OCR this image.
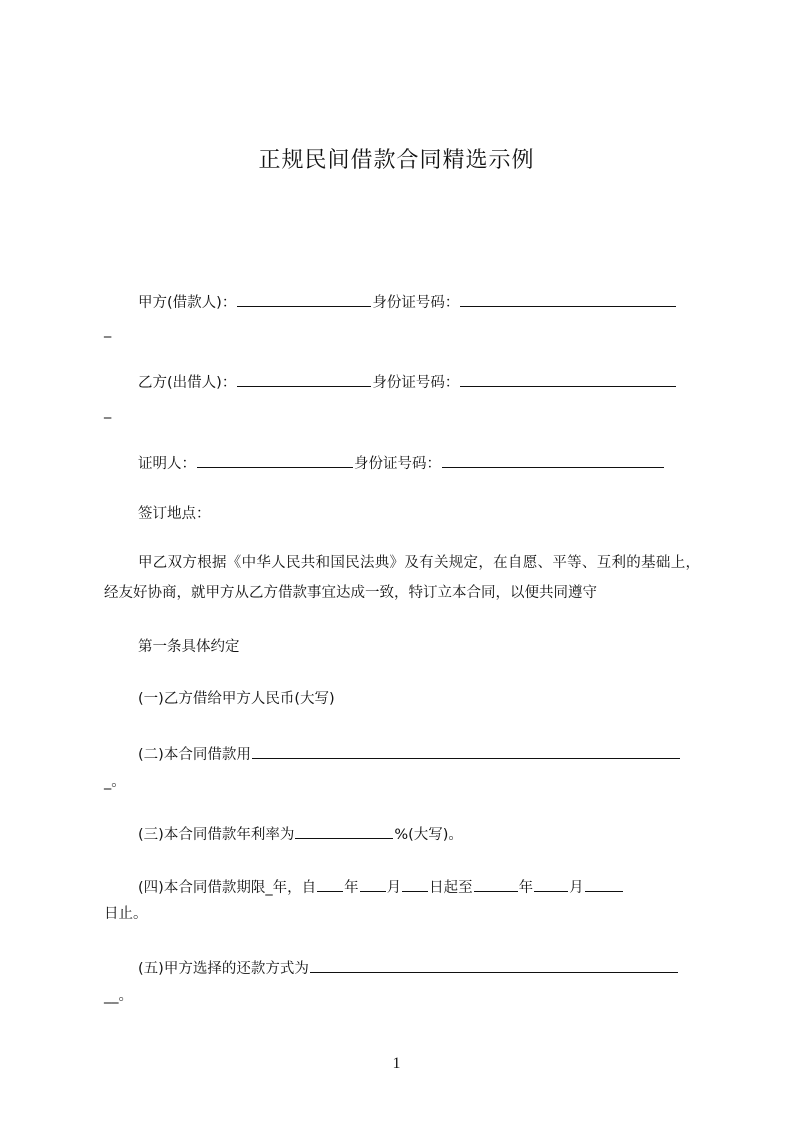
正规民间借款合同精选示例
甲方(借款人)：	身份证号码：
_
乙方(出借人)：	身份证号码：
_
证明人：	身份证号码：
签订地点：
甲乙双方根据《中华人民共和国民法典》及有关规定，在自愿、平等、互利的基础上，经友好协商，就甲方从乙方借款事宜达成一致，特订立本合同，以便共同遵守
第一条具体约定
(一)乙方借给甲方人民币(大写)
(二)本合同借款用
_。
(三)本合同借款年利率为	%(大写)。
(四)本合同借款期限_年，自 年 月 日起至	年 月
日止。
(五)甲方选择的还款方式为
__。
1
